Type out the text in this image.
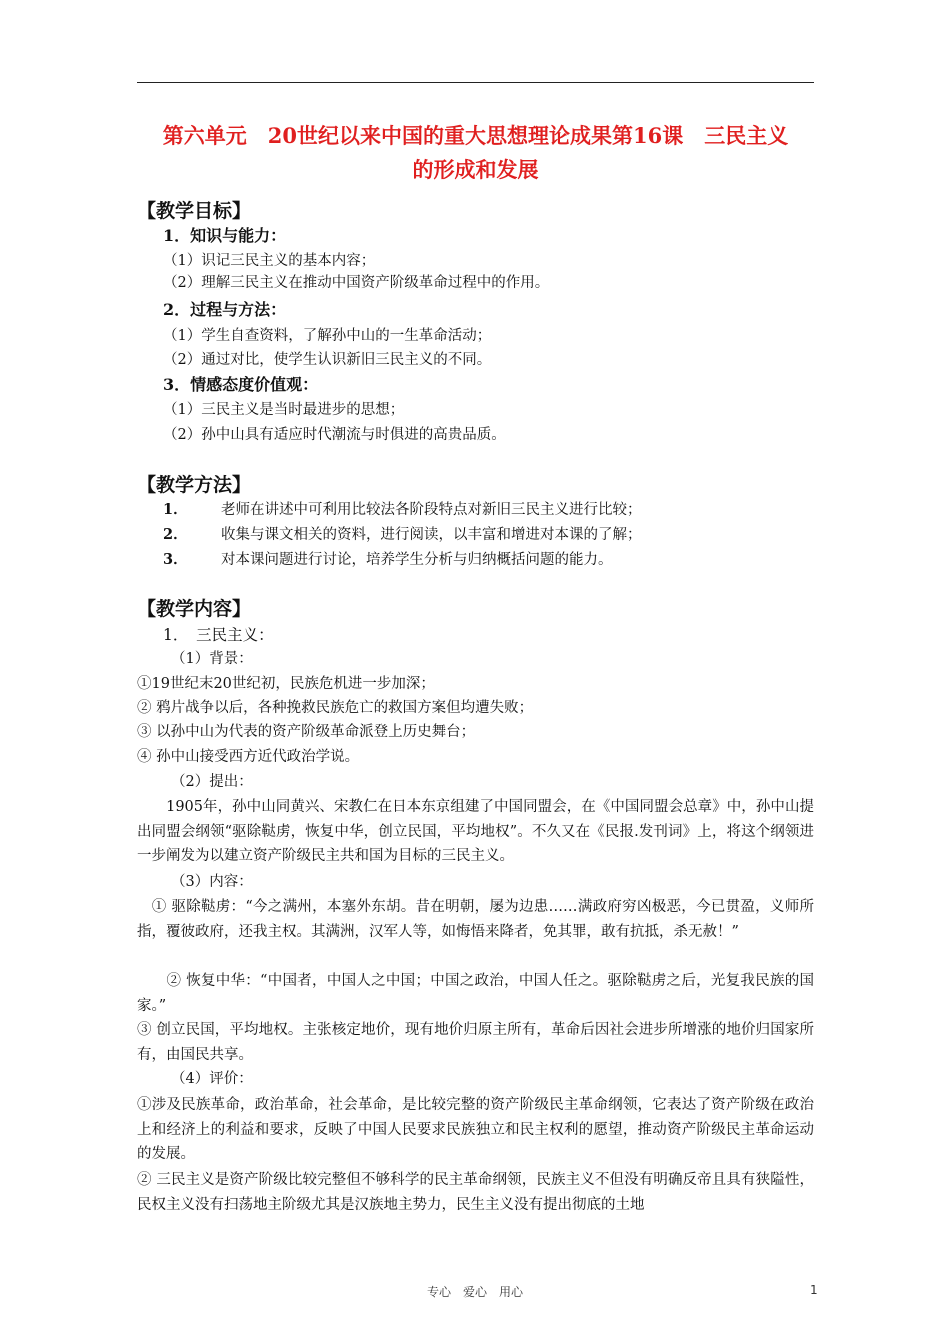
第六单元　20世纪以来中国的重大思想理论成果第16课　三民主义
的形成和发展
【教学目标】
1．知识与能力：
（1）识记三民主义的基本内容；
（2）理解三民主义在推动中国资产阶级革命过程中的作用。
2．过程与方法：
（1）学生自查资料，了解孙中山的一生革命活动；
（2）通过对比，使学生认识新旧三民主义的不同。
3．情感态度价值观：
（1）三民主义是当时最进步的思想；
（2）孙中山具有适应时代潮流与时俱进的高贵品质。
【教学方法】
1． 老师在讲述中可利用比较法各阶段特点对新旧三民主义进行比较；
2． 收集与课文相关的资料，进行阅读，以丰富和增进对本课的了解；
3． 对本课问题进行讨论，培养学生分析与归纳概括问题的能力。
【教学内容】
1．　三民主义：
（1）背景：
①19世纪末20世纪初，民族危机进一步加深；
② 鸦片战争以后，各种挽救民族危亡的救国方案但均遭失败；
③ 以孙中山为代表的资产阶级革命派登上历史舞台；
④ 孙中山接受西方近代政治学说。
（2）提出：
　　1905年，孙中山同黄兴、宋教仁在日本东京组建了中国同盟会，在《中国同盟会总章》中，孙中山提出同盟会纲领“驱除鞑虏，恢复中华，创立民国，平均地权”。不久又在《民报.发刊词》上，将这个纲领进一步阐发为以建立资产阶级民主共和国为目标的三民主义。
（3）内容：
　① 驱除鞑虏：“今之满州，本塞外东胡。昔在明朝，屡为边患……满政府穷凶极恶，今已贯盈，义师所指，覆彼政府，还我主权。其满洲，汉军人等，如悔悟来降者，免其罪，敢有抗抵，杀无赦！”
　　② 恢复中华：“中国者，中国人之中国；中国之政治，中国人任之。驱除鞑虏之后，光复我民族的国家。”
③ 创立民国，平均地权。主张核定地价，现有地价归原主所有，革命后因社会进步所增涨的地价归国家所有，由国民共享。
（4）评价：
①涉及民族革命，政治革命，社会革命，是比较完整的资产阶级民主革命纲领，它表达了资产阶级在政治上和经济上的利益和要求，反映了中国人民要求民族独立和民主权利的愿望，推动资产阶级民主革命运动的发展。
② 三民主义是资产阶级比较完整但不够科学的民主革命纲领，民族主义不但没有明确反帝且具有狭隘性，民权主义没有扫荡地主阶级尤其是汉族地主势力，民生主义没有提出彻底的土地
专心　爱心　用心	1
